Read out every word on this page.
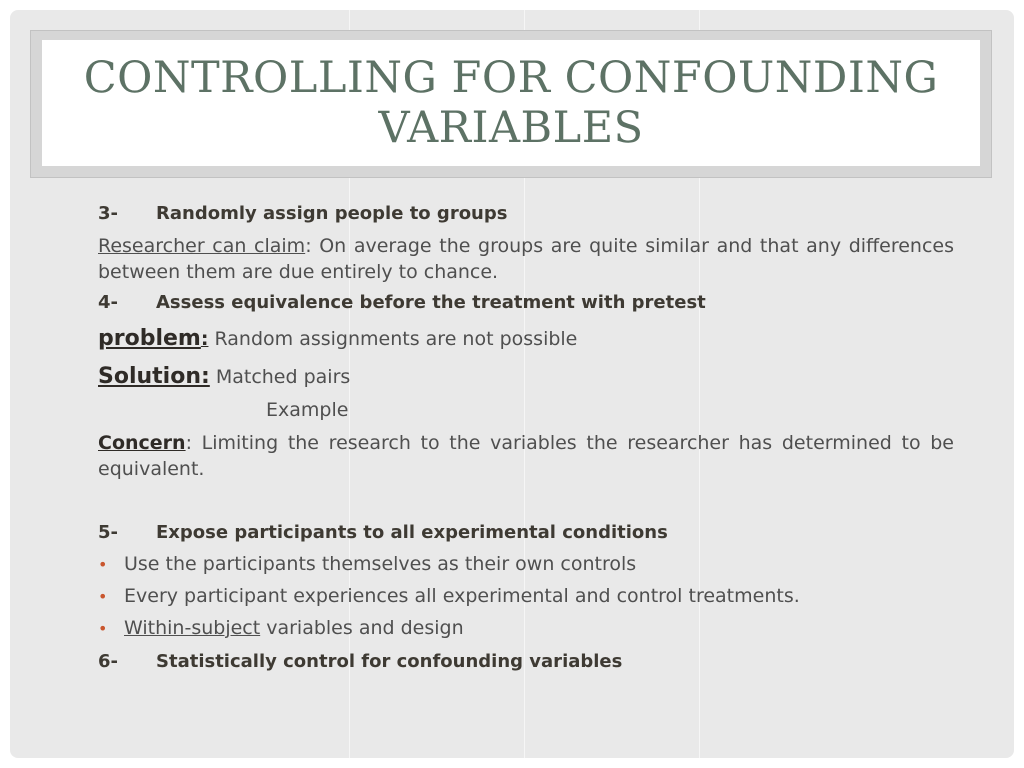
CONTROLLING FOR CONFOUNDING
VARIABLES
3- Randomly assign people to groups
Researcher can claim: On average the groups are quite similar and that any differences between them are due entirely to chance.
4- Assess equivalence before the treatment with pretest
problem: Random assignments are not possible
Solution: Matched pairs
Example
Concern: Limiting the research to the variables the researcher has determined to be equivalent.
5- Expose participants to all experimental conditions
• Use the participants themselves as their own controls
• Every participant experiences all experimental and control treatments.
• Within-subject variables and design
6- Statistically control for confounding variables
